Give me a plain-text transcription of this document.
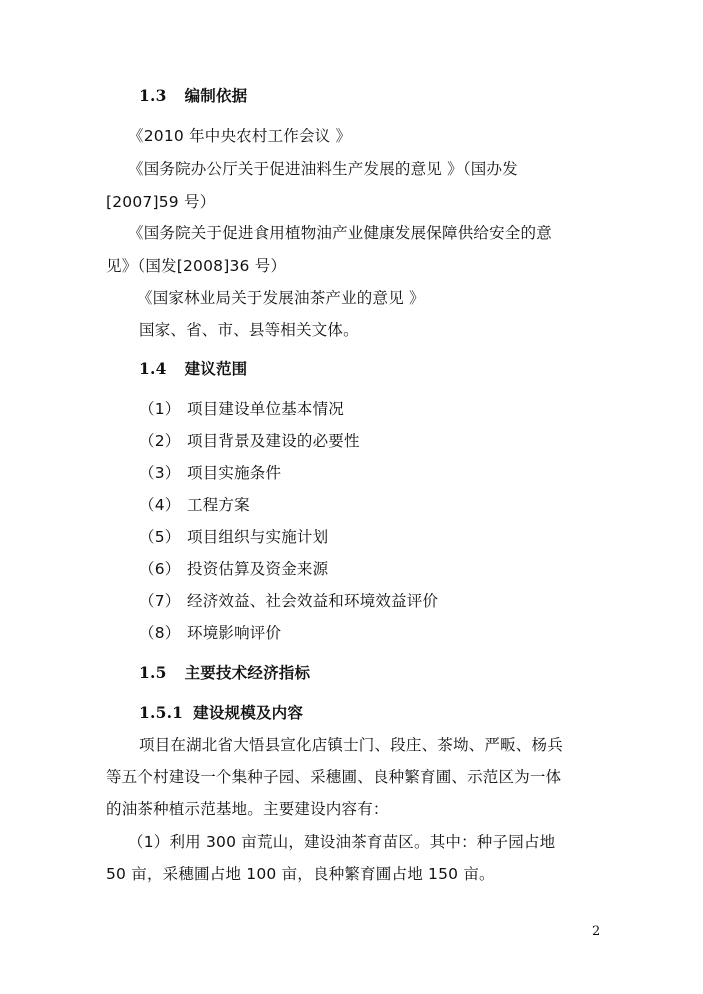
1.3 编制依据
《2010 年中央农村工作会议 》
《国务院办公厅关于促进油料生产发展的意见 》（国办发
[2007]59 号）
《国务院关于促进食用植物油产业健康发展保障供给安全的意
见》（国发[2008]36 号）
《国家林业局关于发展油茶产业的意见 》
国家、省、市、县等相关文体。
1.4 建议范围
（1） 项目建设单位基本情况
（2） 项目背景及建设的必要性
（3） 项目实施条件
（4） 工程方案
（5） 项目组织与实施计划
（6） 投资估算及资金来源
（7） 经济效益、社会效益和环境效益评价
（8） 环境影响评价
1.5 主要技术经济指标
1.5.1 建设规模及内容
项目在湖北省大悟县宣化店镇士门、段庄、茶坳、严畈、杨兵
等五个村建设一个集种子园、采穗圃、良种繁育圃、示范区为一体
的油茶种植示范基地。主要建设内容有：
（1）利用 300 亩荒山，建设油茶育苗区。其中：种子园占地
50 亩，采穗圃占地 100 亩，良种繁育圃占地 150 亩。
2
